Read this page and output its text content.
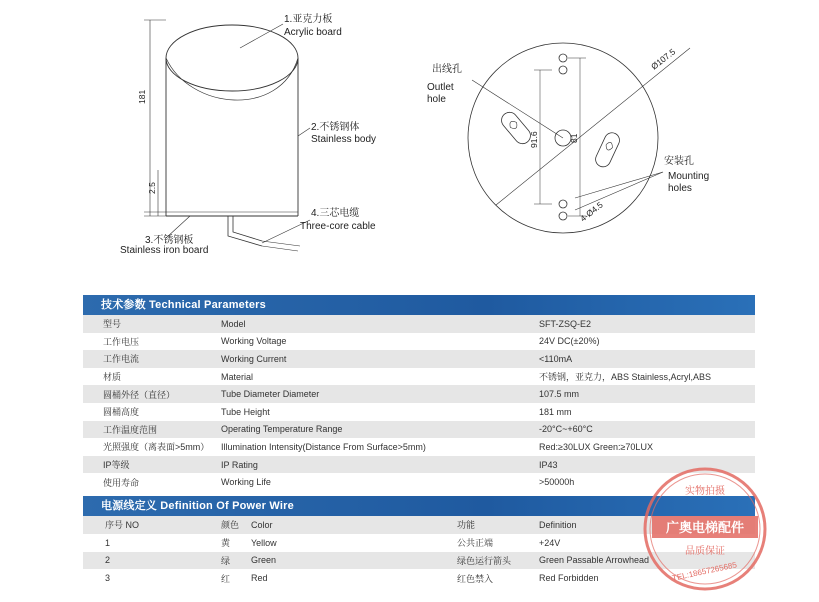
181
2.5
1.亚克力板
Acrylic board
2.不锈钢体
Stainless body
4.三芯电缆
Three-core cable
3.不锈钢板
Stainless iron board
Ø107.5
91.6	81
4-Ø4.5
出线孔
Outlet
hole
安装孔
Mounting
holes
技术参数 Technical Parameters
型号	Model	SFT-ZSQ-E2
工作电压	Working Voltage	24V DC(±20%)
工作电流	Working Current	<110mA
材质	Material	不锈钢，亚克力，ABS Stainless,Acryl,ABS
圆桶外径（直径）	Tube Diameter Diameter	107.5 mm
圆桶高度	Tube Height	181 mm
工作温度范围	Operating Temperature Range	-20°C~+60°C
光照强度（离表面>5mm）	Illumination Intensity(Distance From Surface>5mm)	Red:≥30LUX Green:≥70LUX
IP等级	IP Rating	IP43
使用寿命	Working Life	>50000h
电源线定义 Definition Of Power Wire
序号 NO	颜色	Color	功能	Definition
1	黄	Yellow	公共正端	+24V
2	绿	Green	绿色运行箭头	Green Passable Arrowhead
3	红	Red	红色禁入	Red Forbidden
实物拍摄
广奥电梯配件
品质保证
TEL:18657265685
